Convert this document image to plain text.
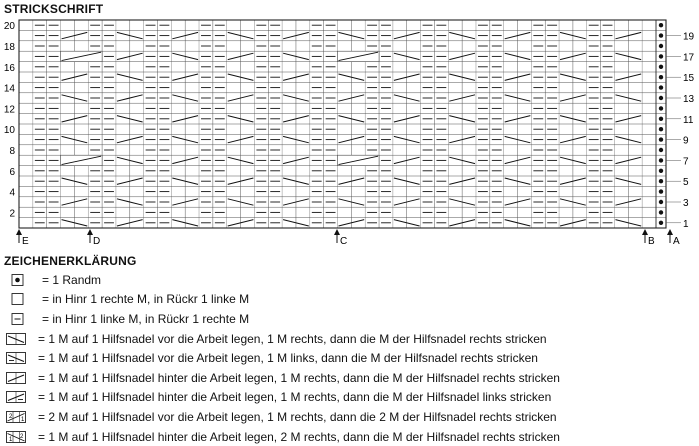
STRICKSCHRIFT
2
4
6
8
10
12
14
16
18
20
1
3
5
7
9
11
13
15
17
19
E	D	C	B A
ZEICHENERKLÄRUNG
= 1 Randm
= in Hinr 1 rechte M, in Rückr 1 linke M
= in Hinr 1 linke M, in Rückr 1 rechte M
= 1 M auf 1 Hilfsnadel vor die Arbeit legen, 1 M rechts, dann die M der Hilfsnadel rechts stricken
= 1 M auf 1 Hilfsnadel vor die Arbeit legen, 1 M links, dann die M der Hilfsnadel rechts stricken
= 1 M auf 1 Hilfsnadel hinter die Arbeit legen, 1 M rechts, dann die M der Hilfsnadel rechts stricken
= 1 M auf 1 Hilfsnadel hinter die Arbeit legen, 1 M rechts, dann die M der Hilfsnadel links stricken
2 1 = 2 M auf 1 Hilfsnadel vor die Arbeit legen, 1 M rechts, dann die 2 M der Hilfsnadel rechts stricken
1 2 = 1 M auf 1 Hilfsnadel hinter die Arbeit legen, 2 M rechts, dann die M der Hilfsnadel rechts stricken
